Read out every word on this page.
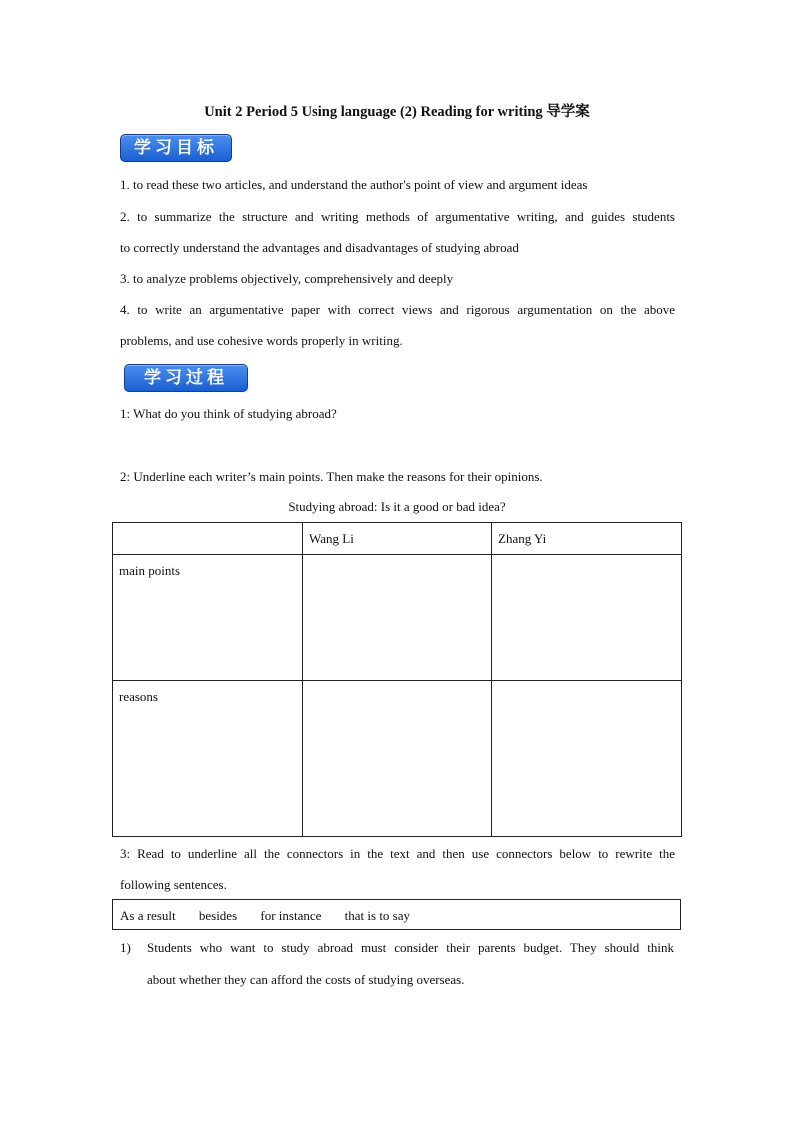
Unit 2 Period 5 Using language (2) Reading for writing 导学案
学习目标
1. to read these two articles, and understand the author's point of view and argument ideas
2. to summarize the structure and writing methods of argumentative writing, and guides students
to correctly understand the advantages and disadvantages of studying abroad
3. to analyze problems objectively, comprehensively and deeply
4. to write an argumentative paper with correct views and rigorous argumentation on the above
problems, and use cohesive words properly in writing.
学习过程
1: What do you think of studying abroad?
2: Underline each writer’s main points. Then make the reasons for their opinions.
Studying abroad: Is it a good or bad idea?
	Wang Li	Zhang Yi
main points		
reasons		
3: Read to underline all the connectors in the text and then use connectors below to rewrite the
following sentences.
As a result besides for instance that is to say
1) Students who want to study abroad must consider their parents budget. They should think
about whether they can afford the costs of studying overseas.
